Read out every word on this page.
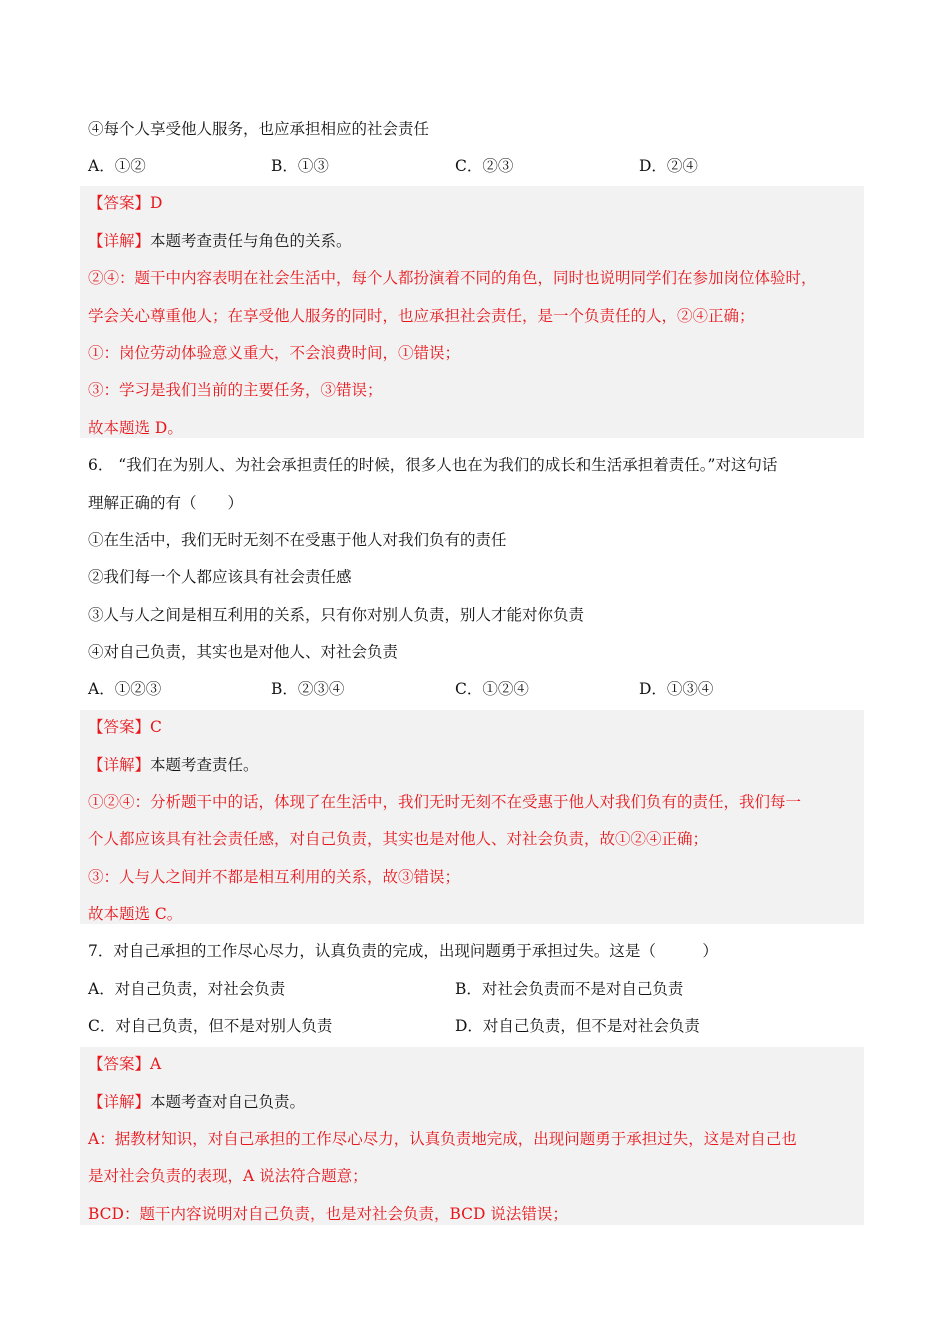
④每个人享受他人服务，也应承担相应的社会责任
A．①②	B．①③	C．②③	D．②④
【答案】D
【详解】本题考查责任与角色的关系。
②④：题干中内容表明在社会生活中，每个人都扮演着不同的角色，同时也说明同学们在参加岗位体验时，
学会关心尊重他人；在享受他人服务的同时，也应承担社会责任，是一个负责任的人，②④正确；
①：岗位劳动体验意义重大，不会浪费时间，①错误；
③：学习是我们当前的主要任务，③错误；
故本题选 D。
6． “我们在为别人、为社会承担责任的时候，很多人也在为我们的成长和生活承担着责任。”对这句话
理解正确的有（　　）
①在生活中，我们无时无刻不在受惠于他人对我们负有的责任
②我们每一个人都应该具有社会责任感
③人与人之间是相互利用的关系，只有你对别人负责，别人才能对你负责
④对自己负责，其实也是对他人、对社会负责
A．①②③	B．②③④	C．①②④	D．①③④
【答案】C
【详解】本题考查责任。
①②④：分析题干中的话，体现了在生活中，我们无时无刻不在受惠于他人对我们负有的责任，我们每一
个人都应该具有社会责任感，对自己负责，其实也是对他人、对社会负责，故①②④正确；
③：人与人之间并不都是相互利用的关系，故③错误；
故本题选 C。
7．对自己承担的工作尽心尽力，认真负责的完成，出现问题勇于承担过失。这是（　　　）
A．对自己负责，对社会负责	B．对社会负责而不是对自己负责
C．对自己负责，但不是对别人负责	D．对自己负责，但不是对社会负责
【答案】A
【详解】本题考查对自己负责。
A：据教材知识，对自己承担的工作尽心尽力，认真负责地完成，出现问题勇于承担过失，这是对自己也
是对社会负责的表现，A 说法符合题意；
BCD：题干内容说明对自己负责，也是对社会负责，BCD 说法错误；
